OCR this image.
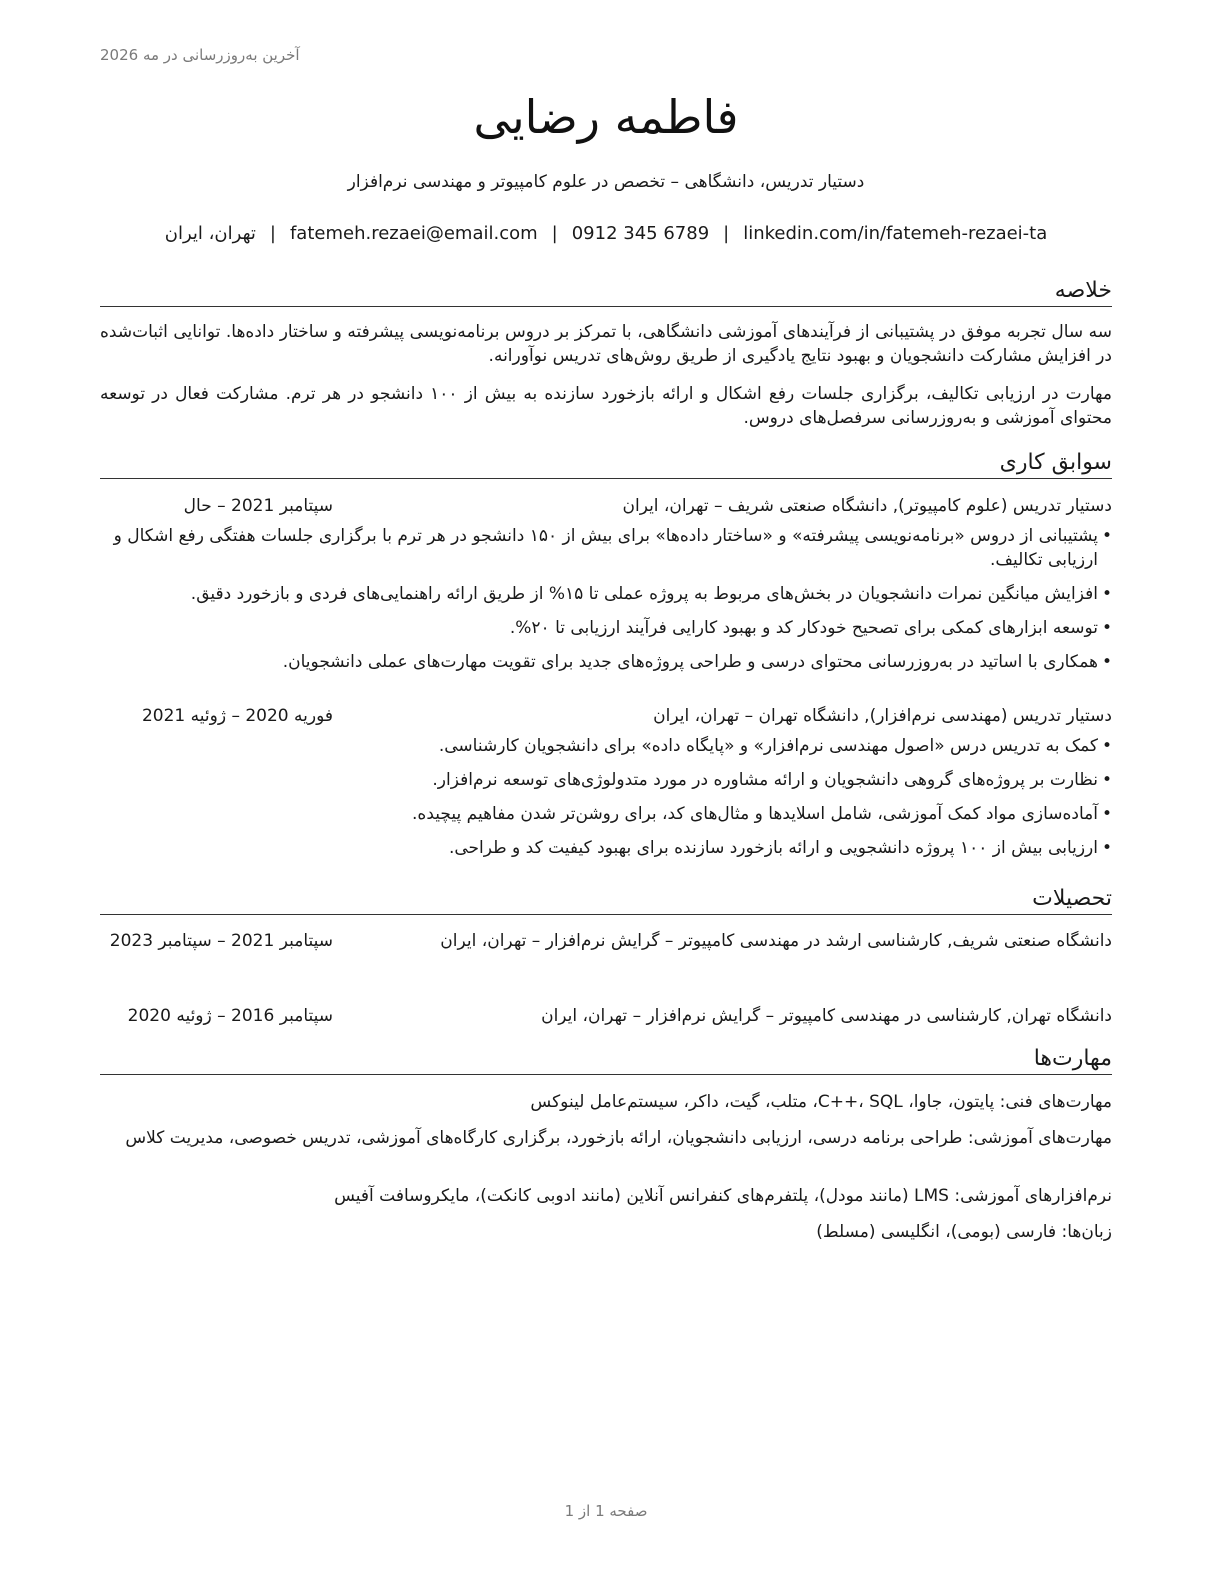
آخرین به‌روزرسانی در مه 2026
فاطمه رضایی
دستیار تدریس، دانشگاهی – تخصص در علوم کامپیوتر و مهندسی نرم‌افزار
تهران، ایران | fatemeh.rezaei@email.com | 0912 345 6789 | linkedin.com/in/fatemeh-rezaei-ta
خلاصه
سه سال تجربه موفق در پشتیبانی از فرآیندهای آموزشی دانشگاهی، با تمرکز بر دروس برنامه‌نویسی پیشرفته و ساختار داده‌ها. توانایی اثبات‌شده در افزایش مشارکت دانشجویان و بهبود نتایج یادگیری از طریق روش‌های تدریس نوآورانه.
مهارت در ارزیابی تکالیف، برگزاری جلسات رفع اشکال و ارائه بازخورد سازنده به بیش از ۱۰۰ دانشجو در هر ترم. مشارکت فعال در توسعه محتوای آموزشی و به‌روزرسانی سرفصل‌های دروس.
سوابق کاری
دستیار تدریس (علوم کامپیوتر), دانشگاه صنعتی شریف – تهران، ایران
سپتامبر 2021 – حال
• پشتیبانی از دروس «برنامه‌نویسی پیشرفته» و «ساختار داده‌ها» برای بیش از ۱۵۰ دانشجو در هر ترم با برگزاری جلسات هفتگی رفع اشکال و ارزیابی تکالیف.
• افزایش میانگین نمرات دانشجویان در بخش‌های مربوط به پروژه عملی تا ۱۵% از طریق ارائه راهنمایی‌های فردی و بازخورد دقیق.
• توسعه ابزارهای کمکی برای تصحیح خودکار کد و بهبود کارایی فرآیند ارزیابی تا ۲۰%.
• همکاری با اساتید در به‌روزرسانی محتوای درسی و طراحی پروژه‌های جدید برای تقویت مهارت‌های عملی دانشجویان.
دستیار تدریس (مهندسی نرم‌افزار), دانشگاه تهران – تهران، ایران
فوریه 2020 – ژوئیه 2021
• کمک به تدریس درس «اصول مهندسی نرم‌افزار» و «پایگاه داده» برای دانشجویان کارشناسی.
• نظارت بر پروژه‌های گروهی دانشجویان و ارائه مشاوره در مورد متدولوژی‌های توسعه نرم‌افزار.
• آماده‌سازی مواد کمک آموزشی، شامل اسلایدها و مثال‌های کد، برای روشن‌تر شدن مفاهیم پیچیده.
• ارزیابی بیش از ۱۰۰ پروژه دانشجویی و ارائه بازخورد سازنده برای بهبود کیفیت کد و طراحی.
تحصیلات
دانشگاه صنعتی شریف, کارشناسی ارشد در مهندسی کامپیوتر – گرایش نرم‌افزار – تهران، ایران
سپتامبر 2021 – سپتامبر 2023
دانشگاه تهران, کارشناسی در مهندسی کامپیوتر – گرایش نرم‌افزار – تهران، ایران
سپتامبر 2016 – ژوئیه 2020
مهارت‌ها
مهارت‌های فنی: پایتون، جاوا، C++، SQL، متلب، گیت، داکر، سیستم‌عامل لینوکس
مهارت‌های آموزشی: طراحی برنامه درسی، ارزیابی دانشجویان، ارائه بازخورد، برگزاری کارگاه‌های آموزشی، تدریس خصوصی، مدیریت کلاس
نرم‌افزارهای آموزشی: LMS (مانند مودل)، پلتفرم‌های کنفرانس آنلاین (مانند ادوبی کانکت)، مایکروسافت آفیس
زبان‌ها: فارسی (بومی)، انگلیسی (مسلط)
صفحه 1 از 1
